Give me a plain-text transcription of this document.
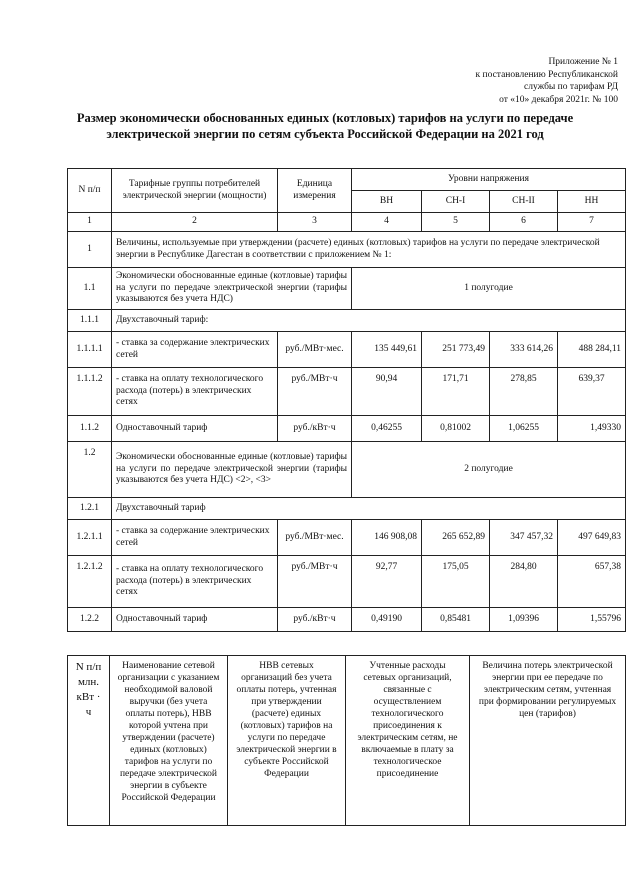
Приложение № 1
к постановлению Республиканской
службы по тарифам РД
от «10» декабря 2021г. № 100
Размер экономически обоснованных единых (котловых) тарифов на услуги по передаче
электрической энергии по сетям субъекта Российской Федерации на 2021 год
N п/п	Тарифные группы потребителей электрической энергии (мощности)	Единица измерения	Уровни напряжения			
			ВН	СН-I	СН-II	НН
1	2	3	4	5	6	7
1	Величины, используемые при утверждении (расчете) единых (котловых) тарифов на услуги по передаче электрической энергии в Республике Дагестан в соответствии с приложением № 1:					
1.1	Экономически обоснованные единые (котловые) тарифы на услуги по передаче электрической энергии (тарифы указываются без учета НДС)		1 полугодие			
1.1.1	Двухставочный тариф:					
1.1.1.1	- ставка за содержание электрических сетей	руб./МВт·мес.	135 449,61	251 773,49	333 614,26	488 284,11
1.1.1.2	- ставка на оплату технологического расхода (потерь) в электрических сетях	руб./МВт·ч	90,94	171,71	278,85	639,37
1.1.2	Одноставочный тариф	руб./кВт·ч	0,46255	0,81002	1,06255	1,49330
1.2	Экономически обоснованные единые (котловые) тарифы на услуги по передаче электрической энергии (тарифы указываются без учета НДС) <2>, <3>		2 полугодие			
1.2.1	Двухставочный тариф					
1.2.1.1	- ставка за содержание электрических сетей	руб./МВт·мес.	146 908,08	265 652,89	347 457,32	497 649,83
1.2.1.2	- ставка на оплату технологического расхода (потерь) в электрических сетях	руб./МВт·ч	92,77	175,05	284,80	657,38
1.2.2	Одноставочный тариф	руб./кВт·ч	0,49190	0,85481	1,09396	1,55796
N п/п млн. кВт · ч	Наименование сетевой организации с указанием необходимой валовой выручки (без учета оплаты потерь), НВВ которой учтена при утверждении (расчете) единых (котловых) тарифов на услуги по передаче электрической энергии в субъекте Российской Федерации	НВВ сетевых организаций без учета оплаты потерь, учтенная при утверждении (расчете) единых (котловых) тарифов на услуги по передаче электрической энергии в субъекте Российской Федерации	Учтенные расходы сетевых организаций, связанные с осуществлением технологического присоединения к электрическим сетям, не включаемые в плату за технологическое присоединение	Величина потерь электрической энергии при ее передаче по электрическим сетям, учтенная при формировании регулируемых цен (тарифов)
